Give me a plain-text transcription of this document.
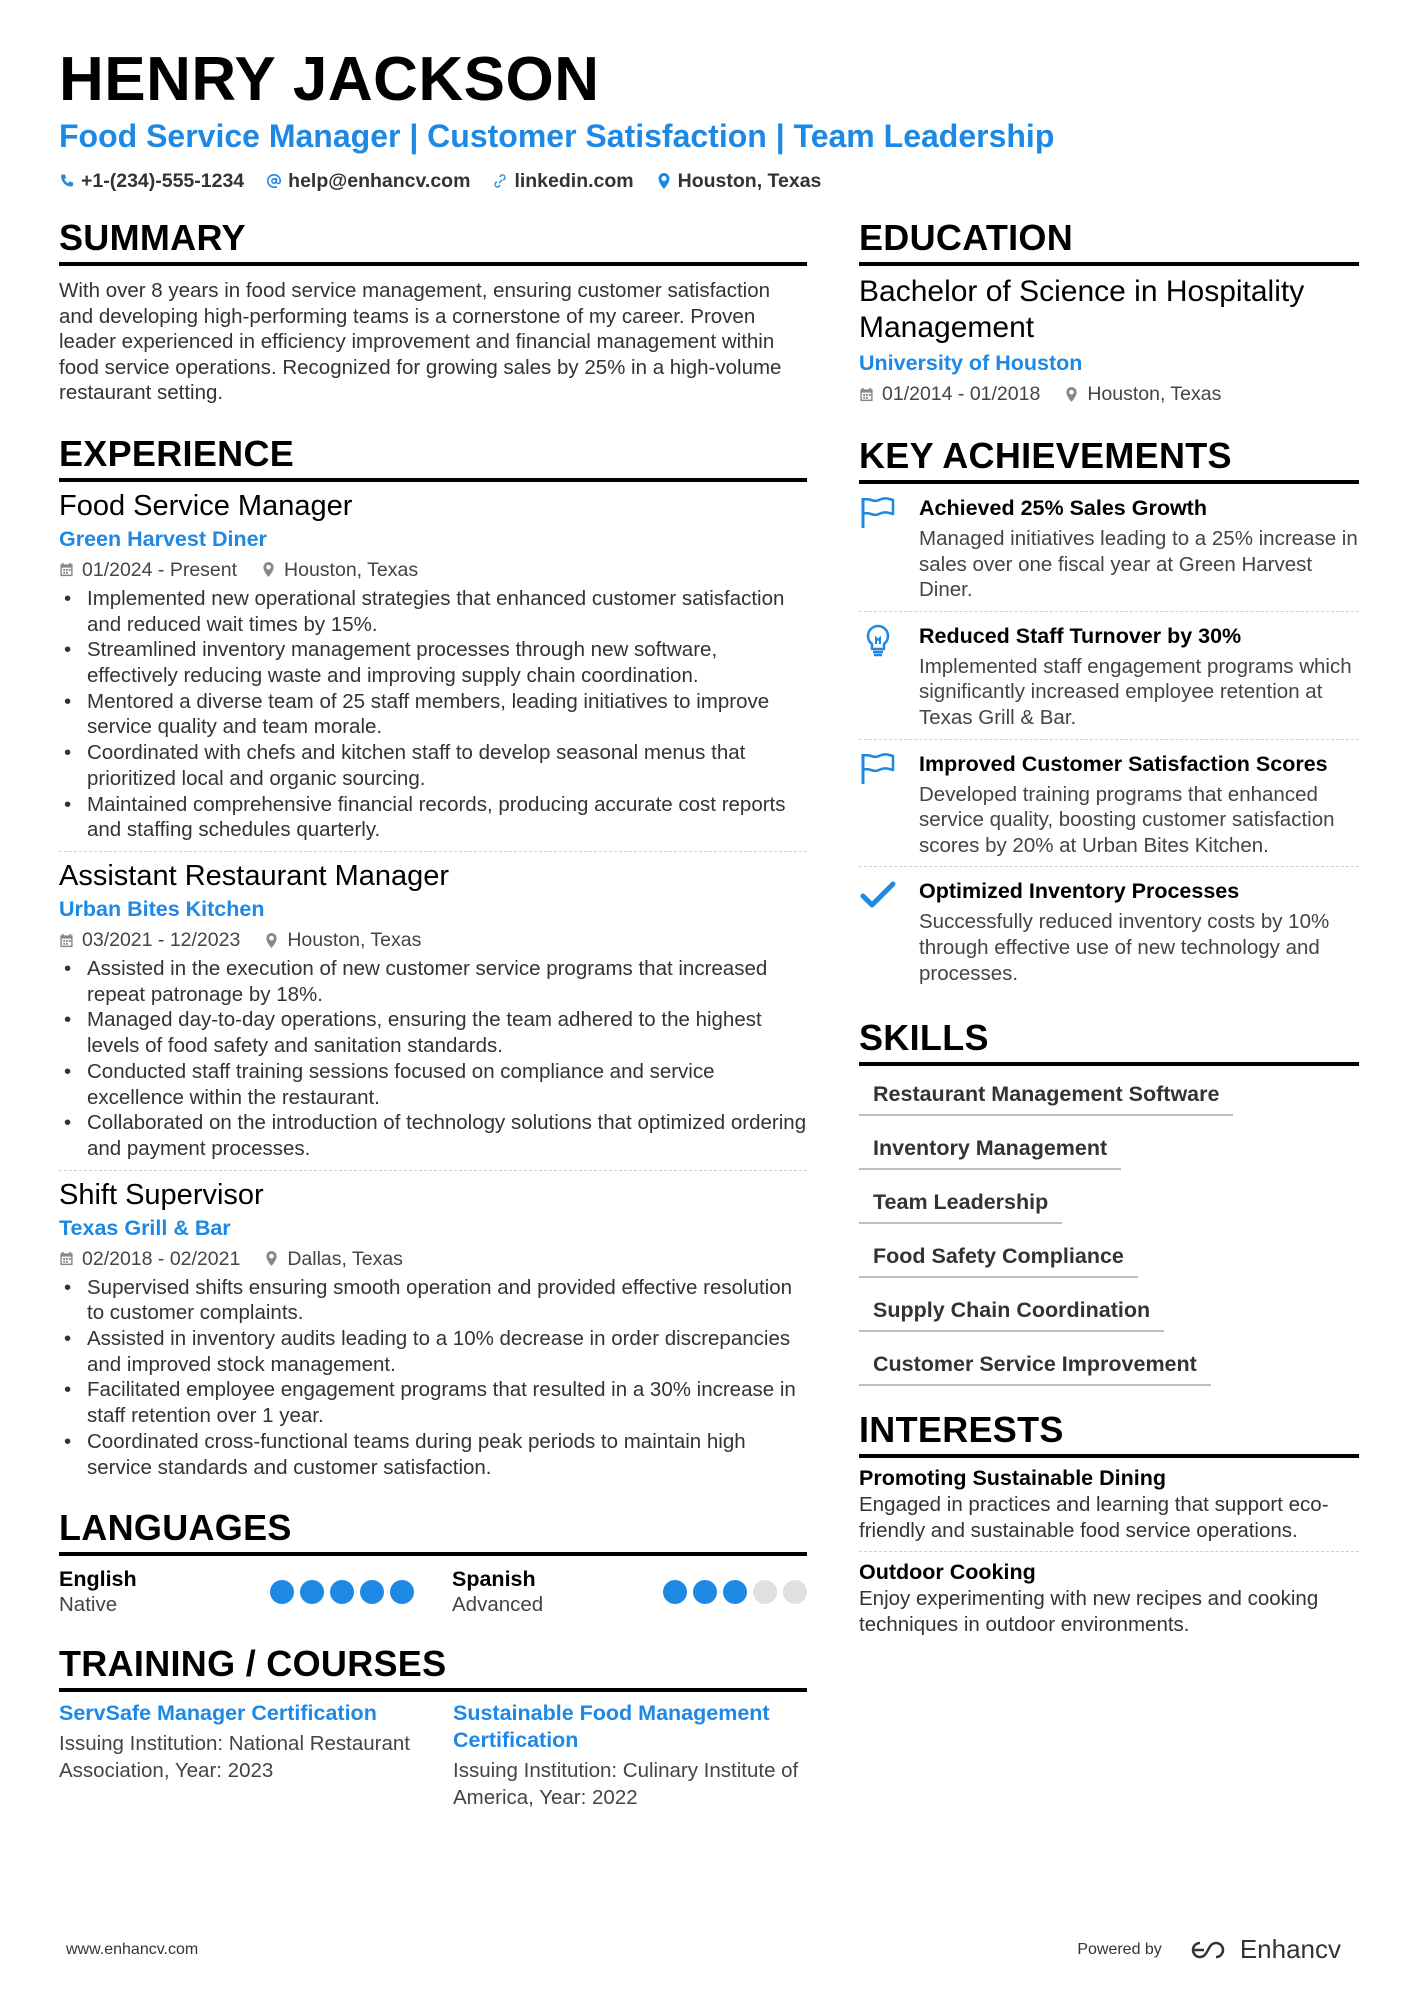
HENRY JACKSON
Food Service Manager | Customer Satisfaction | Team Leadership
+1-(234)-555-1234 help@enhancv.com linkedin.com Houston, Texas
SUMMARY

With over 8 years in food service management, ensuring customer satisfaction and developing high-performing teams is a cornerstone of my career. Proven leader experienced in efficiency improvement and financial management within food service operations. Recognized for growing sales by 25% in a high-volume restaurant setting.

EXPERIENCE
Food Service Manager
Green Harvest Diner
01/2024 - Present Houston, Texas
• Implemented new operational strategies that enhanced customer satisfaction and reduced wait times by 15%.
• Streamlined inventory management processes through new software, effectively reducing waste and improving supply chain coordination.
• Mentored a diverse team of 25 staff members, leading initiatives to improve service quality and team morale.
• Coordinated with chefs and kitchen staff to develop seasonal menus that prioritized local and organic sourcing.
• Maintained comprehensive financial records, producing accurate cost reports and staffing schedules quarterly.
Assistant Restaurant Manager
Urban Bites Kitchen
03/2021 - 12/2023 Houston, Texas
• Assisted in the execution of new customer service programs that increased repeat patronage by 18%.
• Managed day-to-day operations, ensuring the team adhered to the highest levels of food safety and sanitation standards.
• Conducted staff training sessions focused on compliance and service excellence within the restaurant.
• Collaborated on the introduction of technology solutions that optimized ordering and payment processes.
Shift Supervisor
Texas Grill & Bar
02/2018 - 02/2021 Dallas, Texas
• Supervised shifts ensuring smooth operation and provided effective resolution to customer complaints.
• Assisted in inventory audits leading to a 10% decrease in order discrepancies and improved stock management.
• Facilitated employee engagement programs that resulted in a 30% increase in staff retention over 1 year.
• Coordinated cross-functional teams during peak periods to maintain high service standards and customer satisfaction.
LANGUAGES
English
Native
Spanish
Advanced
TRAINING / COURSES
ServSafe Manager Certification
Issuing Institution: National Restaurant Association, Year: 2023
Sustainable Food Management Certification
Issuing Institution: Culinary Institute of America, Year: 2022
EDUCATION
Bachelor of Science in Hospitality Management
University of Houston
01/2014 - 01/2018 Houston, Texas
KEY ACHIEVEMENTS
Achieved 25% Sales Growth
Managed initiatives leading to a 25% increase in sales over one fiscal year at Green Harvest Diner.
Reduced Staff Turnover by 30%
Implemented staff engagement programs which significantly increased employee retention at Texas Grill & Bar.
Improved Customer Satisfaction Scores
Developed training programs that enhanced service quality, boosting customer satisfaction scores by 20% at Urban Bites Kitchen.
Optimized Inventory Processes
Successfully reduced inventory costs by 10% through effective use of new technology and processes.
SKILLS
Restaurant Management Software
Inventory Management
Team Leadership
Food Safety Compliance
Supply Chain Coordination
Customer Service Improvement
INTERESTS
Promoting Sustainable Dining
Engaged in practices and learning that support eco-friendly and sustainable food service operations.
Outdoor Cooking
Enjoy experimenting with new recipes and cooking techniques in outdoor environments.
www.enhancv.com	Powered by	Enhancv
